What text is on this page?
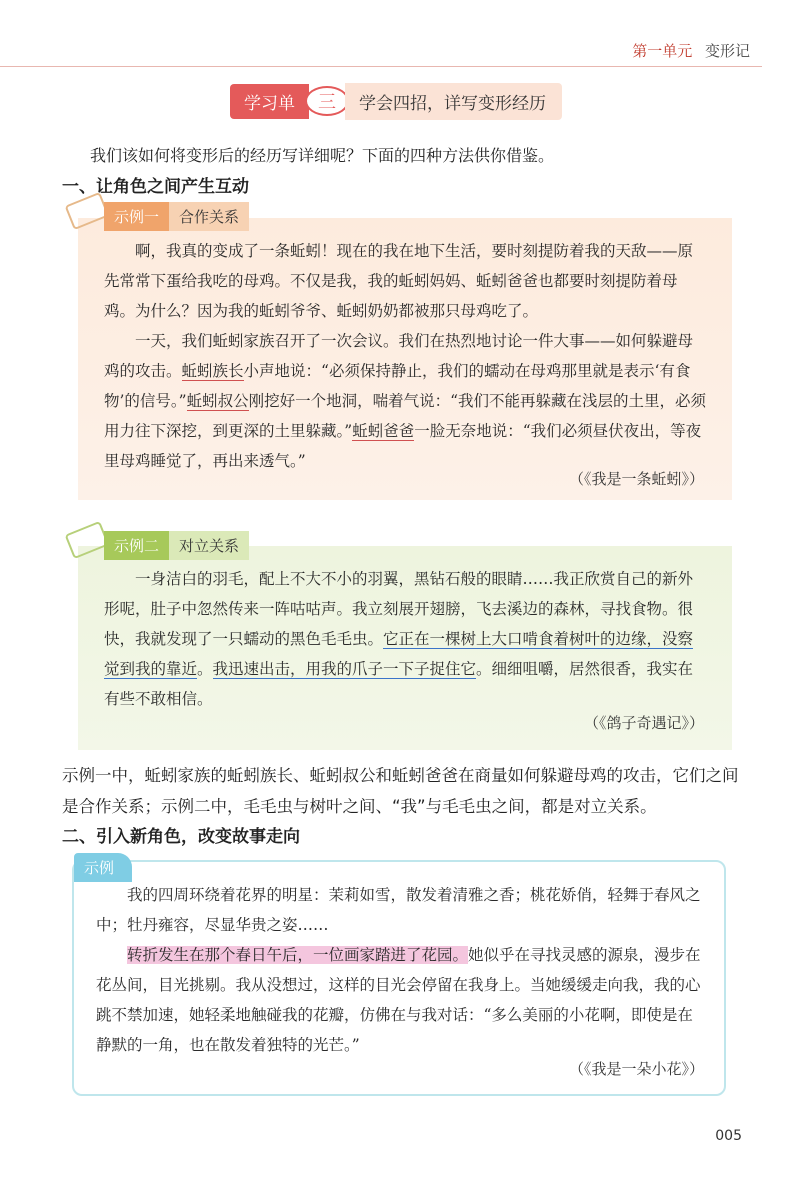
第一单元 变形记
学习单	三	学会四招，详写变形经历
我们该如何将变形后的经历写详细呢？下面的四种方法供你借鉴。
一、让角色之间产生互动
示例一	合作关系
啊，我真的变成了一条蚯蚓！现在的我在地下生活，要时刻提防着我的天敌——原先常常下蛋给我吃的母鸡。不仅是我，我的蚯蚓妈妈、蚯蚓爸爸也都要时刻提防着母鸡。为什么？因为我的蚯蚓爷爷、蚯蚓奶奶都被那只母鸡吃了。
一天，我们蚯蚓家族召开了一次会议。我们在热烈地讨论一件大事——如何躲避母鸡的攻击。蚯蚓族长小声地说：“必须保持静止，我们的蠕动在母鸡那里就是表示‘有食物’的信号。”蚯蚓叔公刚挖好一个地洞，喘着气说：“我们不能再躲藏在浅层的土里，必须用力往下深挖，到更深的土里躲藏。”蚯蚓爸爸一脸无奈地说：“我们必须昼伏夜出，等夜里母鸡睡觉了，再出来透气。”
（《我是一条蚯蚓》）
示例二	对立关系
一身洁白的羽毛，配上不大不小的羽翼，黑钻石般的眼睛……我正欣赏自己的新外形呢，肚子中忽然传来一阵咕咕声。我立刻展开翅膀，飞去溪边的森林，寻找食物。很快，我就发现了一只蠕动的黑色毛毛虫。它正在一棵树上大口啃食着树叶的边缘，没察觉到我的靠近。我迅速出击，用我的爪子一下子捉住它。细细咀嚼，居然很香，我实在有些不敢相信。
（《鸽子奇遇记》）
示例一中，蚯蚓家族的蚯蚓族长、蚯蚓叔公和蚯蚓爸爸在商量如何躲避母鸡的攻击，它们之间是合作关系；示例二中，毛毛虫与树叶之间、“我”与毛毛虫之间，都是对立关系。
二、引入新角色，改变故事走向
示例
我的四周环绕着花界的明星：茉莉如雪，散发着清雅之香；桃花娇俏，轻舞于春风之中；牡丹雍容，尽显华贵之姿……
转折发生在那个春日午后，一位画家踏进了花园。她似乎在寻找灵感的源泉，漫步在花丛间，目光挑剔。我从没想过，这样的目光会停留在我身上。当她缓缓走向我，我的心跳不禁加速，她轻柔地触碰我的花瓣，仿佛在与我对话：“多么美丽的小花啊，即使是在静默的一角，也在散发着独特的光芒。”
（《我是一朵小花》）
005
